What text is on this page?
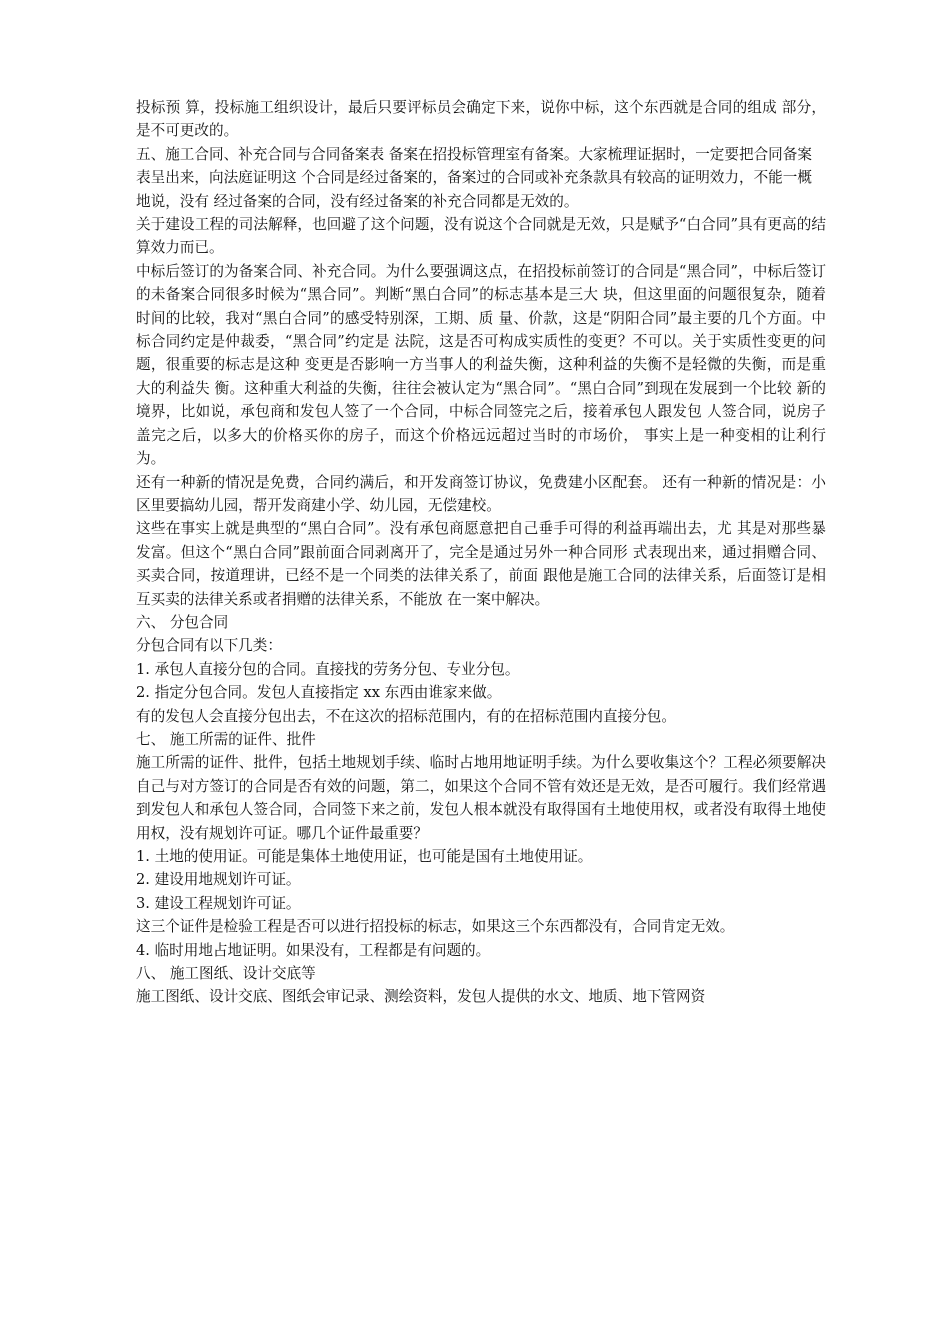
投标预 算，投标施工组织设计，最后只要评标员会确定下来，说你中标，这个东西就是合同的组成 部分，是不可更改的。

五、施工合同、补充合同与合同备案表 备案在招投标管理室有备案。大家梳理证据时，一定要把合同备案表呈出来，向法庭证明这 个合同是经过备案的，备案过的合同或补充条款具有较高的证明效力，不能一概地说，没有 经过备案的合同，没有经过备案的补充合同都是无效的。

关于建设工程的司法解释，也回避了这个问题，没有说这个合同就是无效，只是赋予“白合同”具有更高的结算效力而已。

中标后签订的为备案合同、补充合同。为什么要强调这点，在招投标前签订的合同是“黑合同”，中标后签订的未备案合同很多时候为“黑合同”。判断“黑白合同”的标志基本是三大 块，但这里面的问题很复杂，随着时间的比较，我对“黑白合同”的感受特别深，工期、质 量、价款，这是“阴阳合同”最主要的几个方面。中标合同约定是仲裁委，“黑合同”约定是 法院，这是否可构成实质性的变更？不可以。关于实质性变更的问题，很重要的标志是这种 变更是否影响一方当事人的利益失衡，这种利益的失衡不是轻微的失衡，而是重大的利益失 衡。这种重大利益的失衡，往往会被认定为“黑合同”。“黑白合同”到现在发展到一个比较 新的境界，比如说，承包商和发包人签了一个合同，中标合同签完之后，接着承包人跟发包 人签合同，说房子盖完之后，以多大的价格买你的房子，而这个价格远远超过当时的市场价， 事实上是一种变相的让利行为。

还有一种新的情况是免费，合同约满后，和开发商签订协议，免费建小区配套。 还有一种新的情况是：小区里要搞幼儿园，帮开发商建小学、幼儿园，无偿建校。

这些在事实上就是典型的“黑白合同”。没有承包商愿意把自己垂手可得的利益再端出去，尤 其是对那些暴发富。但这个“黑白合同”跟前面合同剥离开了，完全是通过另外一种合同形 式表现出来，通过捐赠合同、买卖合同，按道理讲，已经不是一个同类的法律关系了，前面 跟他是施工合同的法律关系，后面签订是相互买卖的法律关系或者捐赠的法律关系，不能放 在一案中解决。

六、 分包合同

分包合同有以下几类：

1. 承包人直接分包的合同。直接找的劳务分包、专业分包。

2. 指定分包合同。发包人直接指定 xx 东西由谁家来做。

有的发包人会直接分包出去，不在这次的招标范围内，有的在招标范围内直接分包。

七、 施工所需的证件、批件

施工所需的证件、批件，包括土地规划手续、临时占地用地证明手续。为什么要收集这个？工程必须要解决自己与对方签订的合同是否有效的问题，第二，如果这个合同不管有效还是无效，是否可履行。我们经常遇到发包人和承包人签合同，合同签下来之前，发包人根本就没有取得国有土地使用权，或者没有取得土地使用权，没有规划许可证。哪几个证件最重要？

1. 土地的使用证。可能是集体土地使用证，也可能是国有土地使用证。

2. 建设用地规划许可证。

3. 建设工程规划许可证。

这三个证件是检验工程是否可以进行招投标的标志，如果这三个东西都没有，合同肯定无效。

4. 临时用地占地证明。如果没有，工程都是有问题的。

八、 施工图纸、设计交底等

施工图纸、设计交底、图纸会审记录、测绘资料，发包人提供的水文、地质、地下管网资
